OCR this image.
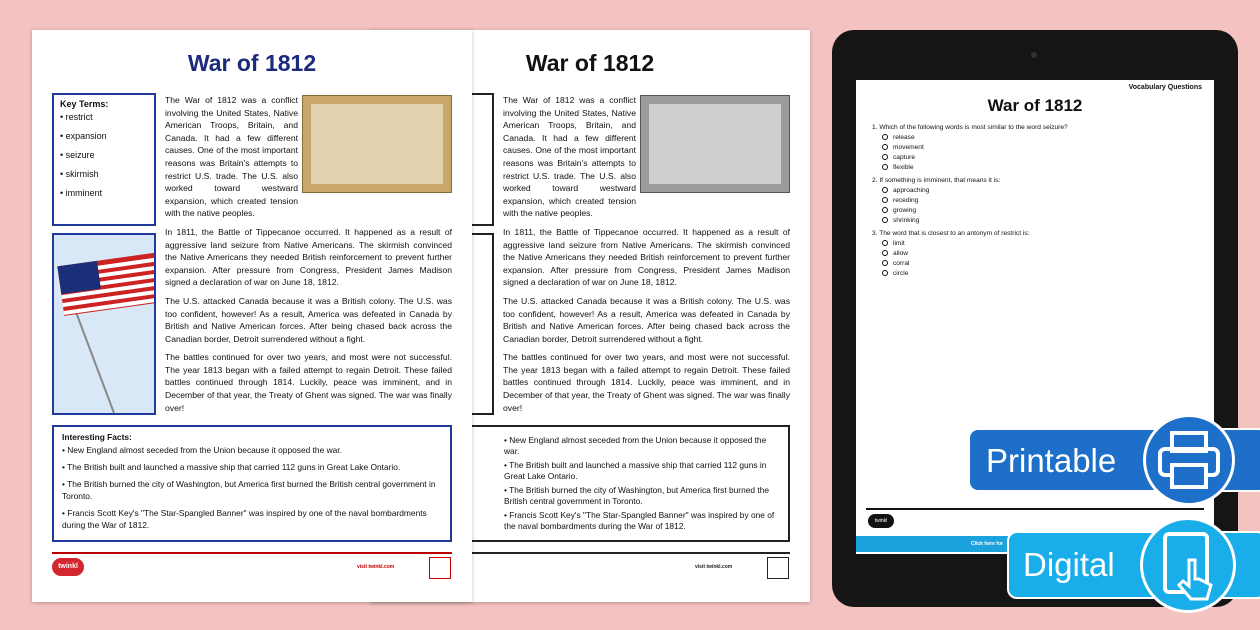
War of 1812

The War of 1812 was a conflict involving the United States, Native American Troops, Britain, and Canada. It had a few different causes. One of the most important reasons was Britain's attempts to restrict U.S. trade. The U.S. also worked toward westward expansion, which created tension with the native peoples.

In 1811, the Battle of Tippecanoe occurred. It happened as a result of aggressive land seizure from Native Americans. The skirmish convinced the Native Americans they needed British reinforcement to prevent further expansion. After pressure from Congress, President James Madison signed a declaration of war on June 18, 1812.

The U.S. attacked Canada because it was a British colony. The U.S. was too confident, however! As a result, America was defeated in Canada by British and Native American forces. After being chased back across the Canadian border, Detroit surrendered without a fight.

The battles continued for over two years, and most were not successful. The year 1813 began with a failed attempt to regain Detroit. These failed battles continued through 1814. Luckily, peace was imminent, and in December of that year, the Treaty of Ghent was signed. The war was finally over!

• New England almost seceded from the Union because it opposed the war.
• The British built and launched a massive ship that carried 112 guns in Great Lake Ontario.
• The British burned the city of Washington, but America first burned the British central government in Toronto.
• Francis Scott Key's "The Star-Spangled Banner" was inspired by one of the naval bombardments during the War of 1812.
visit twinkl.com
War of 1812
Key Terms:
• restrict
• expansion
• seizure
• skirmish
• imminent

The War of 1812 was a conflict involving the United States, Native American Troops, Britain, and Canada. It had a few different causes. One of the most important reasons was Britain's attempts to restrict U.S. trade. The U.S. also worked toward westward expansion, which created tension with the native peoples.

In 1811, the Battle of Tippecanoe occurred. It happened as a result of aggressive land seizure from Native Americans. The skirmish convinced the Native Americans they needed British reinforcement to prevent further expansion. After pressure from Congress, President James Madison signed a declaration of war on June 18, 1812.

The U.S. attacked Canada because it was a British colony. The U.S. was too confident, however! As a result, America was defeated in Canada by British and Native American forces. After being chased back across the Canadian border, Detroit surrendered without a fight.

The battles continued for over two years, and most were not successful. The year 1813 began with a failed attempt to regain Detroit. These failed battles continued through 1814. Luckily, peace was imminent, and in December of that year, the Treaty of Ghent was signed. The war was finally over!

Interesting Facts:
• New England almost seceded from the Union because it opposed the war.
• The British built and launched a massive ship that carried 112 guns in Great Lake Ontario.
• The British burned the city of Washington, but America first burned the British central government in Toronto.
• Francis Scott Key's "The Star-Spangled Banner" was inspired by one of the naval bombardments during the War of 1812.
twinkl	visit twinkl.com
Vocabulary Questions
War of 1812
1. Which of the following words is most similar to the word seizure?
release
movement
capture
flexible
2. If something is imminent, that means it is:
approaching
receding
growing
shrinking
3. The word that is closest to an antonym of restrict is:
limit
allow
corral
circle
twinkl
Click here for
Printable
Digital
